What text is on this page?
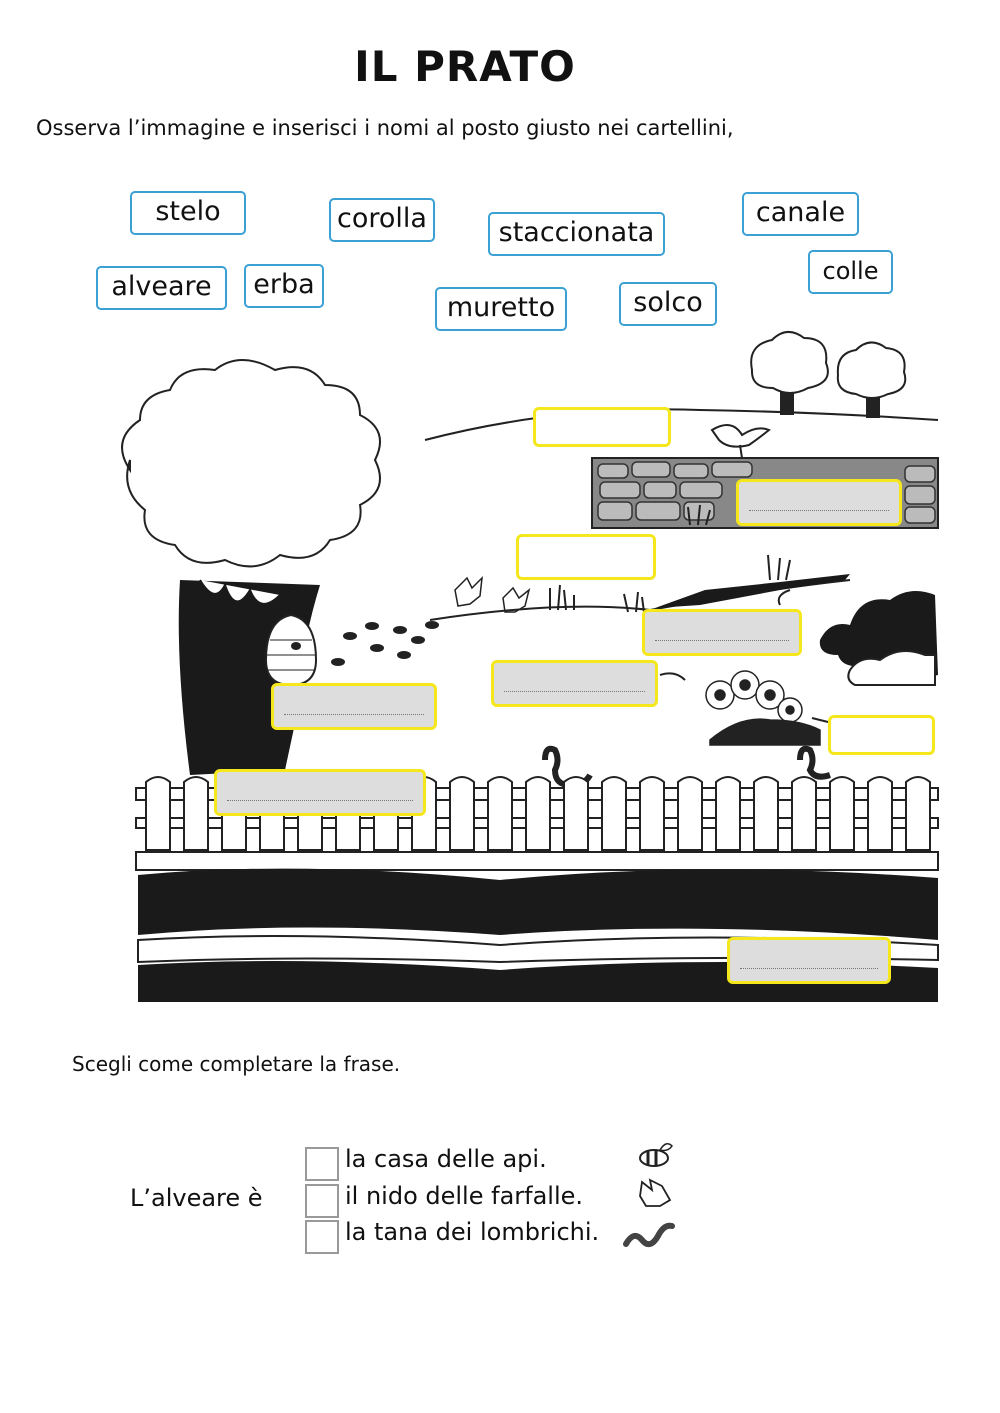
IL PRATO
Osserva l’immagine e inserisci i nomi al posto giusto nei cartellini,
stelo	corolla	staccionata
canale
alveare	erba
muretto	solco
colle
Scegli come completare la frase.
L’alveare è
la casa delle api.
il nido delle farfalle.
la tana dei lombrichi.
